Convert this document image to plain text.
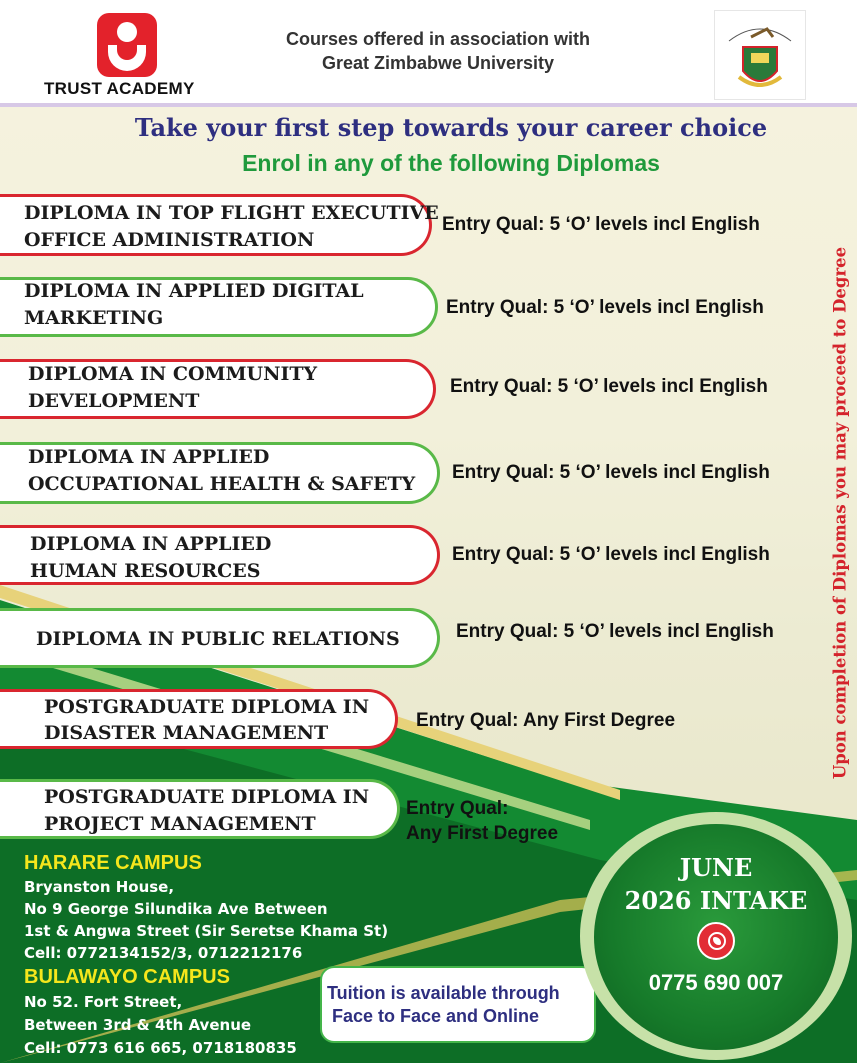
TRUST ACADEMY
Courses offered in association with
Great Zimbabwe University
Take your first step towards your career choice
Enrol in any of the following Diplomas
DIPLOMA IN TOP FLIGHT EXECUTIVE
OFFICE ADMINISTRATION
Entry Qual: 5 ‘O’ levels incl English
DIPLOMA IN APPLIED DIGITAL
MARKETING	Entry Qual: 5 ‘O’ levels incl English
DIPLOMA IN COMMUNITY
DEVELOPMENT
Entry Qual: 5 ‘O’ levels incl English
DIPLOMA IN APPLIED
OCCUPATIONAL HEALTH & SAFETY
Entry Qual: 5 ‘O’ levels incl English
DIPLOMA IN APPLIED
HUMAN RESOURCES
Entry Qual: 5 ‘O’ levels incl English
DIPLOMA IN PUBLIC RELATIONS	Entry Qual: 5 ‘O’ levels incl English
POSTGRADUATE DIPLOMA IN
DISASTER MANAGEMENT
Entry Qual: Any First Degree
POSTGRADUATE DIPLOMA IN
PROJECT MANAGEMENT
Entry Qual:
Any First Degree
Upon completion of Diplomas you may proceed to Degree
HARARE CAMPUS
Bryanston House,
No 9 George Silundika Ave Between
1st & Angwa Street (Sir Seretse Khama St)
Cell: 0772134152/3, 0712212176
BULAWAYO CAMPUS
No 52. Fort Street,
Between 3rd & 4th Avenue
Cell: 0773 616 665, 0718180835
Tuition is available through
Face to Face and Online
JUNE
2026 INTAKE
0775 690 007
